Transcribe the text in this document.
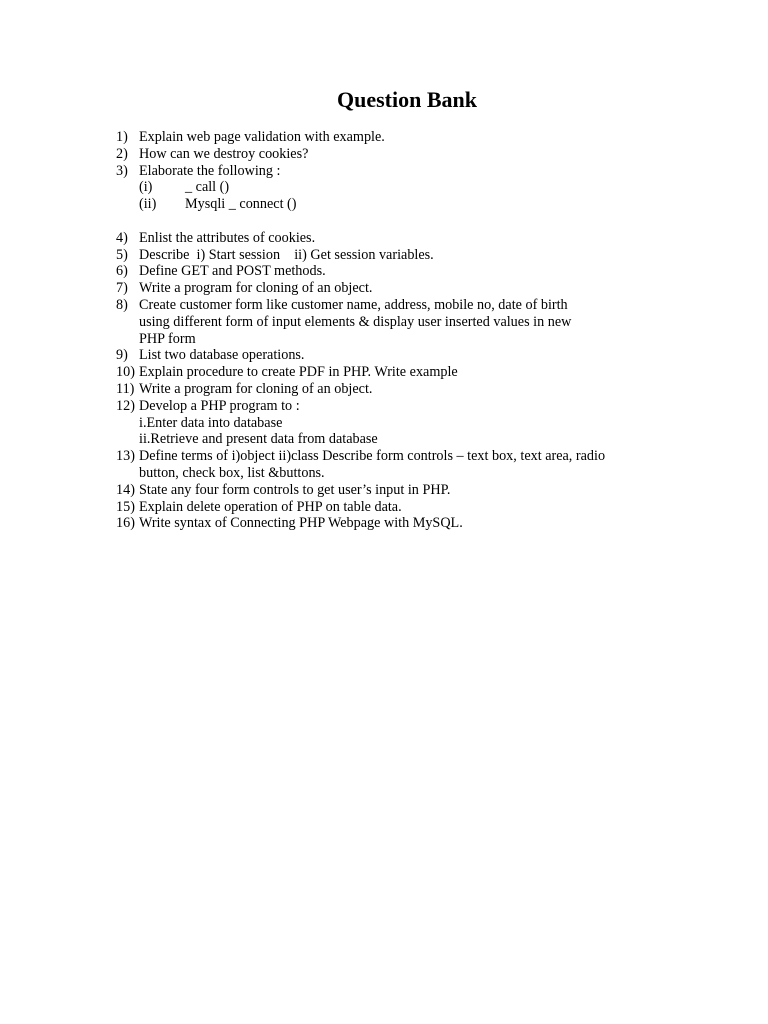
Question Bank
1) Explain web page validation with example.
2) How can we destroy cookies?
3) Elaborate the following :
(i)	_ call ()
(ii)	Mysqli _ connect ()
4) Enlist the attributes of cookies.
5) Describe  i) Start session    ii) Get session variables.
6) Define GET and POST methods.
7) Write a program for cloning of an object.
8) Create customer form like customer name, address, mobile no, date of birth
using different form of input elements & display user inserted values in new
PHP form
9) List two database operations.
10) Explain procedure to create PDF in PHP. Write example
11) Write a program for cloning of an object.
12) Develop a PHP program to :
i.Enter data into database
ii.Retrieve and present data from database
13) Define terms of i)object ii)class Describe form controls – text box, text area, radio
button, check box, list &buttons.
14) State any four form controls to get user’s input in PHP.
15) Explain delete operation of PHP on table data.
16) Write syntax of Connecting PHP Webpage with MySQL.
